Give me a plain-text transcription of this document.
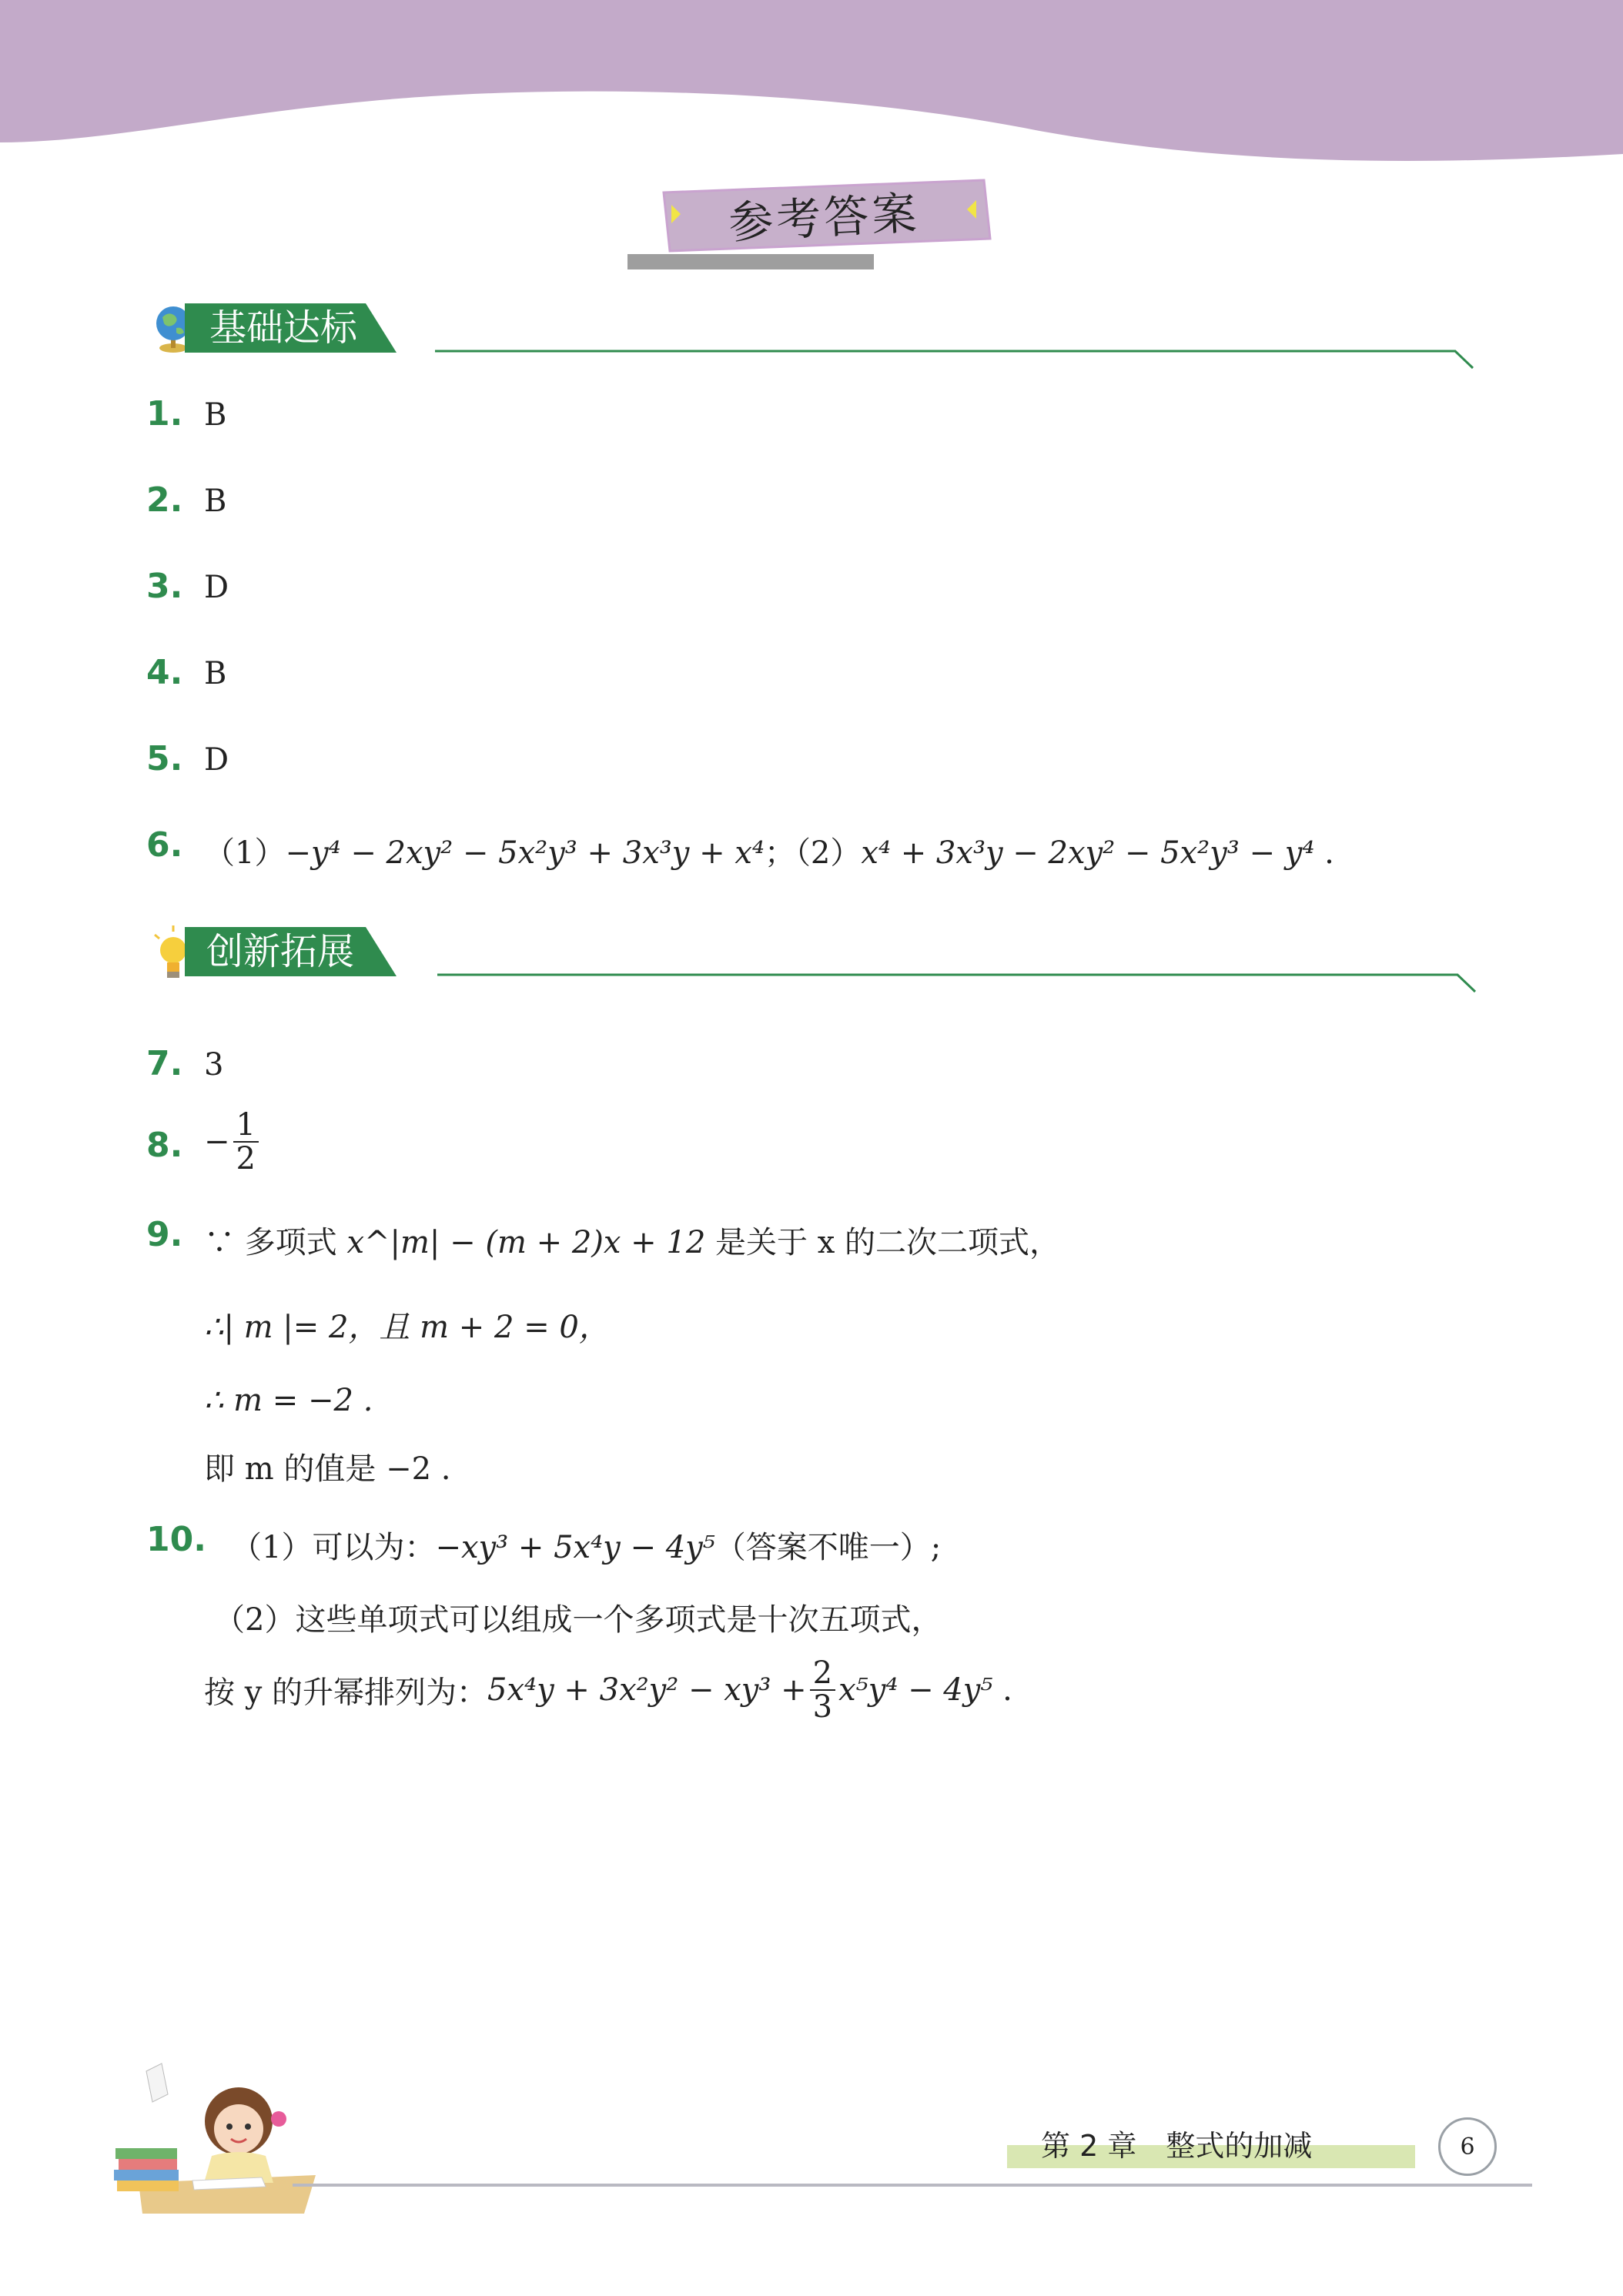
参考答案
基础达标
1. B
2. B
3. D
4. B
5. D
6. （1）−y⁴ − 2xy² − 5x²y³ + 3x³y + x⁴；（2）x⁴ + 3x³y − 2xy² − 5x²y³ − y⁴ .
创新拓展
7. 3
8. − $\frac{1}{2}$
9. ∵ 多项式 x^|m| − (m + 2)x + 12 是关于 x 的二次二项式，
∴| m |= 2，且 m + 2 = 0，
∴ m = −2 .
即 m 的值是 −2 .
10. （1）可以为：−xy³ + 5x⁴y − 4y⁵（答案不唯一）;
（2）这些单项式可以组成一个多项式是十次五项式，
按 y 的升幂排列为：$5x^4y + 3x^2y^2 - xy^3 + \frac{2}{3} x^5y^4 - 4y^5$ .
第 2 章　整式的加减	6
